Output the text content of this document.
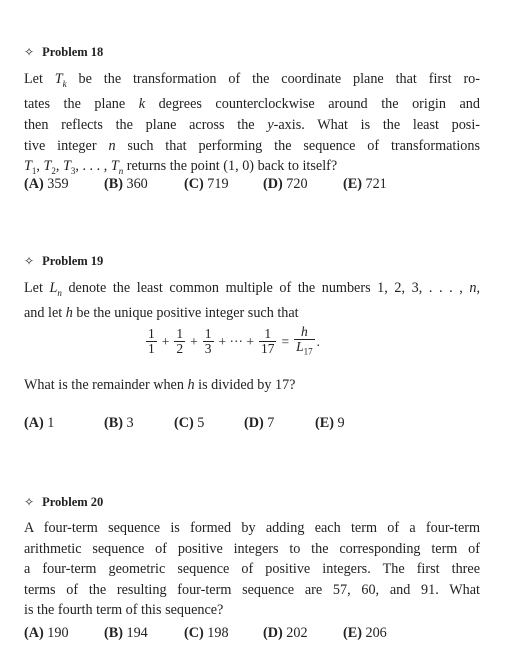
✧ Problem 18
Let $T_k$ be the transformation of the coordinate plane that first ro-
tates the plane k degrees counterclockwise around the origin and
then reflects the plane across the y-axis. What is the least posi-
tive integer n such that performing the sequence of transformations
$T_1$, $T_2$, $T_3$, . . . , $T_n$ returns the point (1, 0) back to itself?
(A) 359 (B) 360	(C) 719 (D) 720 (E) 721
✧ Problem 19
Let $L_n$ denote the least common multiple of the numbers 1, 2, 3, . . . , n,
and let h be the unique positive integer such that
$\frac{1}{1} + \frac{1}{2} + \frac{1}{3}$ + ··· + $\frac{1}{17} = \frac{h}{L_{17}}$ .
What is the remainder when h is divided by 17?
(A) 1	(B) 3	(C) 5	(D) 7	(E) 9
✧ Problem 20
A four-term sequence is formed by adding each term of a four-term
arithmetic sequence of positive integers to the corresponding term of
a four-term geometric sequence of positive integers. The first three
terms of the resulting four-term sequence are 57, 60, and 91. What
is the fourth term of this sequence?
(A) 190 (B) 194	(C) 198 (D) 202 (E) 206
